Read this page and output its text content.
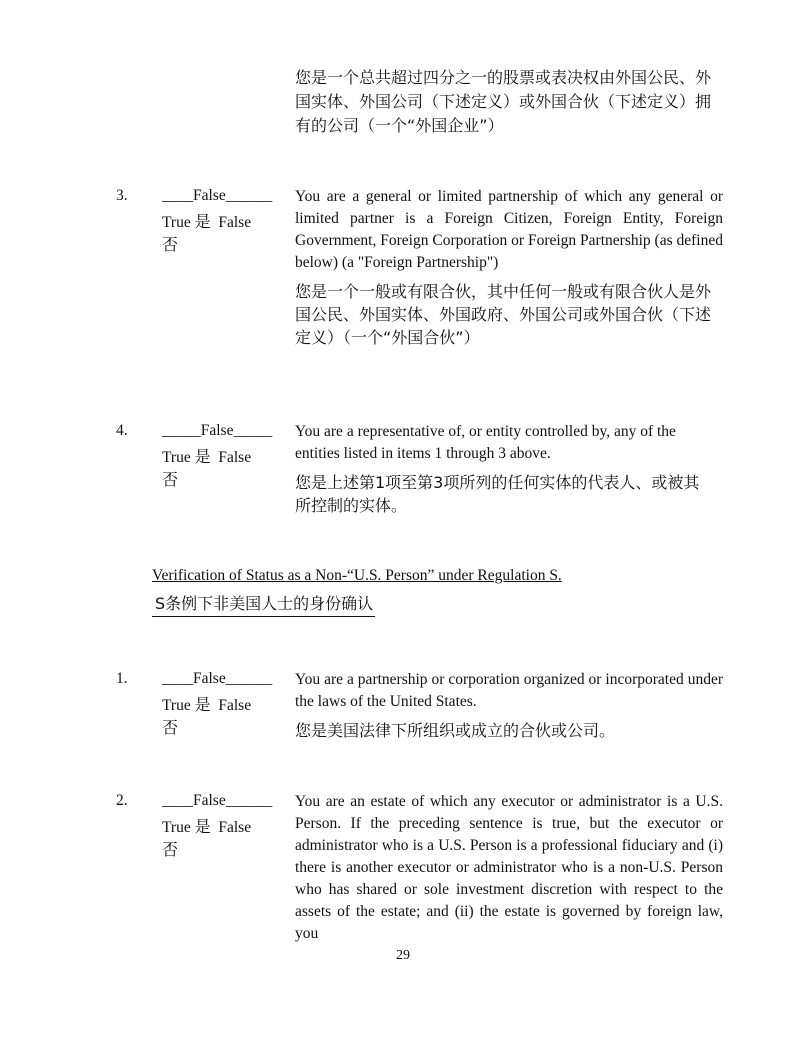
您是一个总共超过四分之一的股票或表决权由外国公民、外国实体、外国公司（下述定义）或外国合伙（下述定义）拥有的公司（一个“外国企业”）
3. ____False______
True 是 False
否
You are a general or limited partnership of which any general or limited partner is a Foreign Citizen, Foreign Entity, Foreign Government, Foreign Corporation or Foreign Partnership (as defined below) (a "Foreign Partnership")
您是一个一般或有限合伙，其中任何一般或有限合伙人是外国公民、外国实体、外国政府、外国公司或外国合伙（下述定义）（一个“外国合伙”）
4. _____False_____
True 是 False
否
You are a representative of, or entity controlled by, any of the entities listed in items 1 through 3 above.
您是上述第1项至第3项所列的任何实体的代表人、或被其所控制的实体。
Verification of Status as a Non-“U.S. Person” under Regulation S.
S条例下非美国人士的身份确认
1. ____False______
True 是 False
否
You are a partnership or corporation organized or incorporated under the laws of the United States.
您是美国法律下所组织或成立的合伙或公司。
2. ____False______
True 是 False
否
You are an estate of which any executor or administrator is a U.S. Person. If the preceding sentence is true, but the executor or administrator who is a U.S. Person is a professional fiduciary and (i) there is another executor or administrator who is a non-U.S. Person who has shared or sole investment discretion with respect to the assets of the estate; and (ii) the estate is governed by foreign law, you
29
